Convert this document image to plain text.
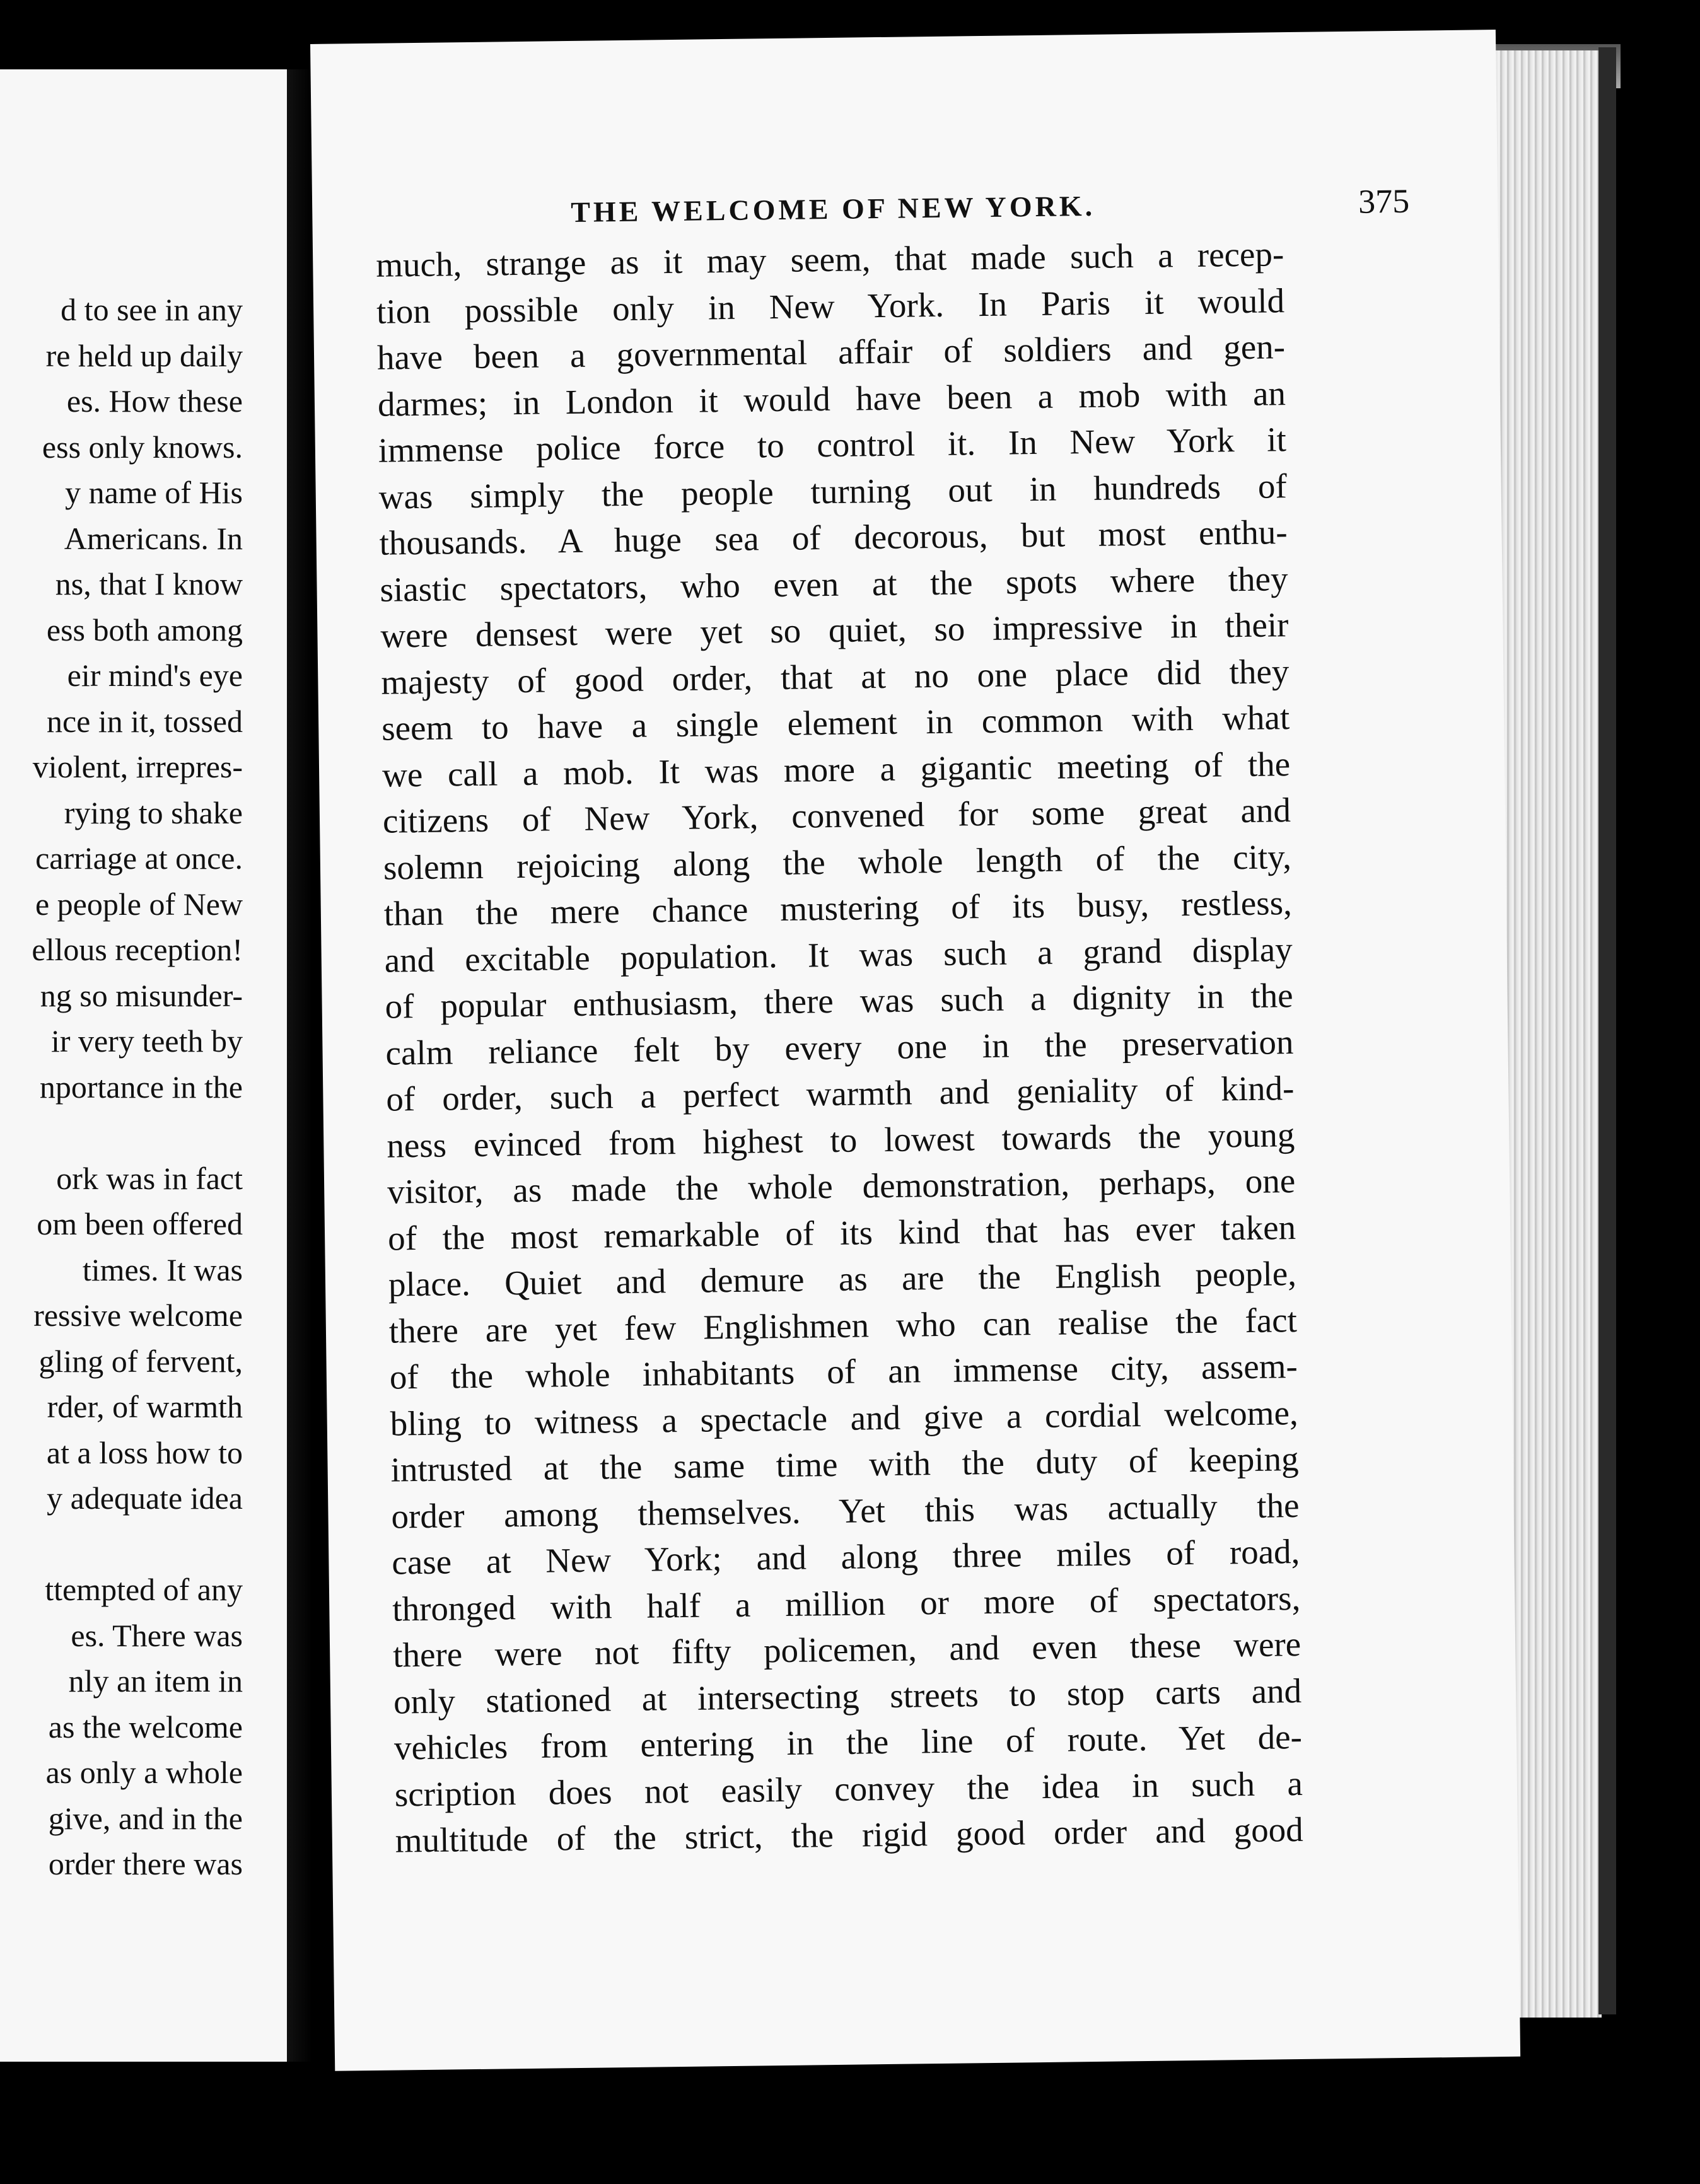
d to see in any
re held up daily
es. How these
ess only knows.
y name of His
Americans. In
ns, that I know
ess both among
eir mind's eye
nce in it, tossed
violent, irrepres-
rying to shake
carriage at once.
e people of New
ellous reception!
ng so misunder-
ir very teeth by
nportance in the
ork was in fact
om been offered
times. It was
ressive welcome
gling of fervent,
rder, of warmth
at a loss how to
y adequate idea
ttempted of any
es. There was
nly an item in
as the welcome
as only a whole
give, and in the
order there was
THE WELCOME OF NEW YORK.	375
much, strange as it may seem, that made such a recep-
tion possible only in New York. In Paris it would
have been a governmental affair of soldiers and gen-
darmes; in London it would have been a mob with an
immense police force to control it. In New York it
was simply the people turning out in hundreds of
thousands. A huge sea of decorous, but most enthu-
siastic spectators, who even at the spots where they
were densest were yet so quiet, so impressive in their
majesty of good order, that at no one place did they
seem to have a single element in common with what
we call a mob. It was more a gigantic meeting of the
citizens of New York, convened for some great and
solemn rejoicing along the whole length of the city,
than the mere chance mustering of its busy, restless,
and excitable population. It was such a grand display
of popular enthusiasm, there was such a dignity in the
calm reliance felt by every one in the preservation
of order, such a perfect warmth and geniality of kind-
ness evinced from highest to lowest towards the young
visitor, as made the whole demonstration, perhaps, one
of the most remarkable of its kind that has ever taken
place. Quiet and demure as are the English people,
there are yet few Englishmen who can realise the fact
of the whole inhabitants of an immense city, assem-
bling to witness a spectacle and give a cordial welcome,
intrusted at the same time with the duty of keeping
order among themselves. Yet this was actually the
case at New York; and along three miles of road,
thronged with half a million or more of spectators,
there were not fifty policemen, and even these were
only stationed at intersecting streets to stop carts and
vehicles from entering in the line of route. Yet de-
scription does not easily convey the idea in such a
multitude of the strict, the rigid good order and good
